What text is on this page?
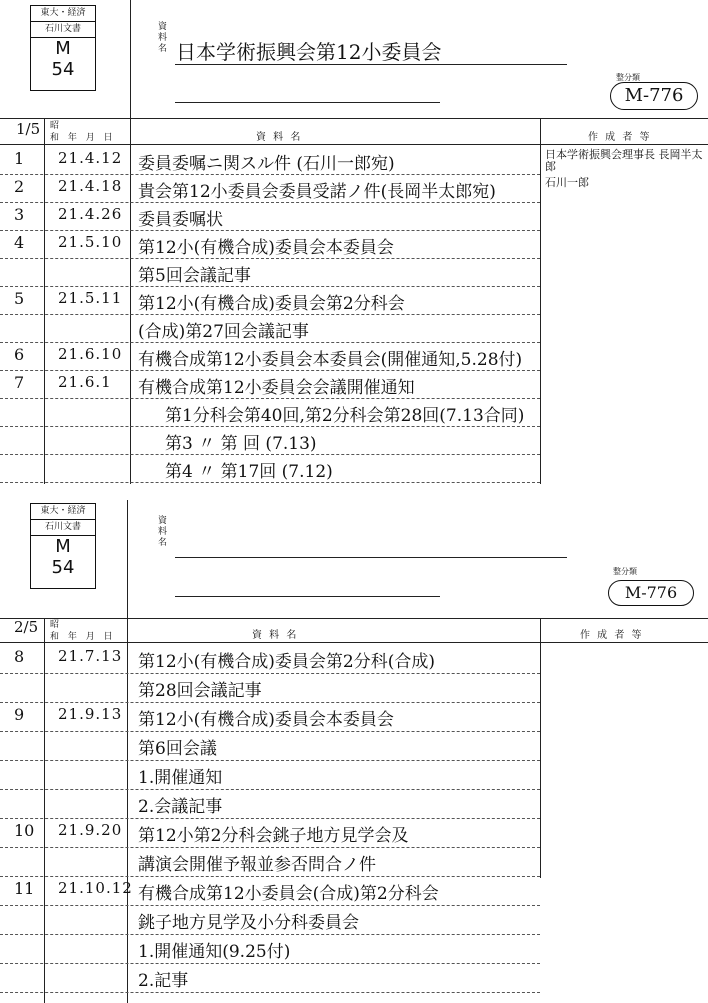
東大・経済
石川文書
M
54
資料名 日本学術振興会第12小委員会
整分類
M-776
1/5 昭
和 年 月 日	資 料 名	作 成 者 等
1 21.4.12 委員委嘱ニ関スル件 (石川一郎宛)	日本学術振興会理事長 長岡半太郎
2 21.4.18 貴会第12小委員会委員受諾ノ件(長岡半太郎宛)	石川一郎
3 21.4.26 委員委嘱状
4 21.5.10 第12小(有機合成)委員会本委員会
第5回会議記事
5 21.5.11 第12小(有機合成)委員会第2分科会
(合成)第27回会議記事
6 21.6.10 有機合成第12小委員会本委員会(開催通知,5.28付)
7 21.6.1 有機合成第12小委員会会議開催通知
第1分科会第40回,第2分科会第28回(7.13合同)
第3 〃 第 回 (7.13)
第4 〃 第17回 (7.12)
東大・経済
石川文書
M
54
資料名
整分類
M-776
2/5 昭
和 年 月 日	資 料 名	作 成 者 等
8 21.7.13 第12小(有機合成)委員会第2分科(合成)
第28回会議記事
9 21.9.13 第12小(有機合成)委員会本委員会
第6回会議
1.開催通知
2.会議記事
10 21.9.20 第12小第2分科会銚子地方見学会及
講演会開催予報並参否問合ノ件
11 21.10.12 有機合成第12小委員会(合成)第2分科会
銚子地方見学及小分科委員会
1.開催通知(9.25付)
2.記事
